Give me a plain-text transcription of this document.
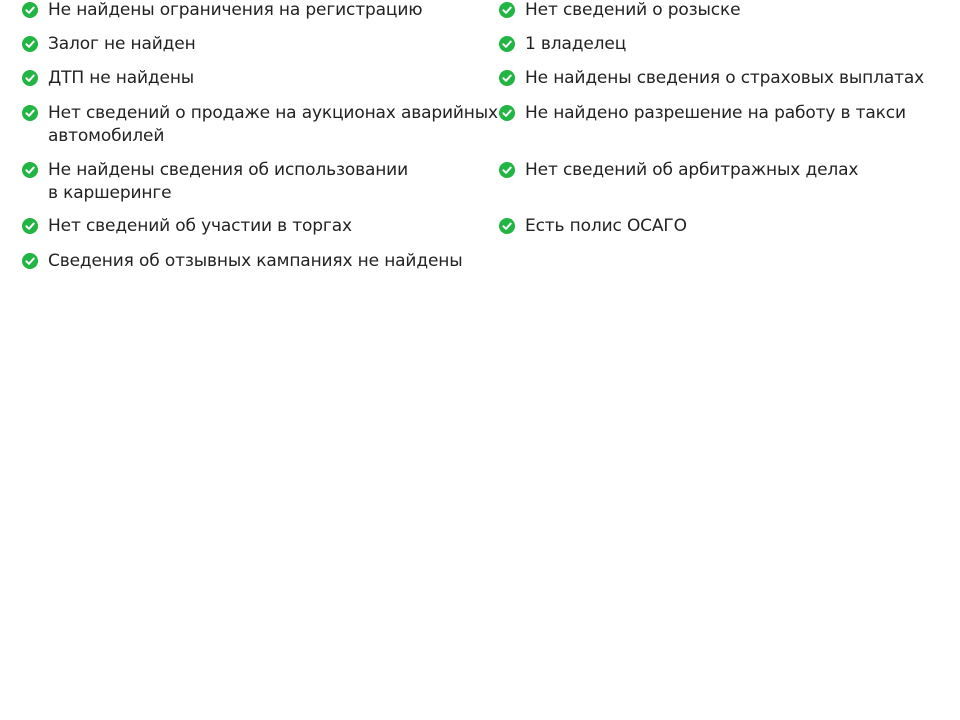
Не найдены ограничения на регистрацию
Залог не найден
ДТП не найдены
Нет сведений о продаже на аукционах аварийных
автомобилей
Не найдены сведения об использовании
в каршеринге
Нет сведений об участии в торгах
Сведения об отзывных кампаниях не найдены
Нет сведений о розыске
1 владелец
Не найдены сведения о страховых выплатах
Не найдено разрешение на работу в такси
Нет сведений об арбитражных делах
Есть полис ОСАГО
